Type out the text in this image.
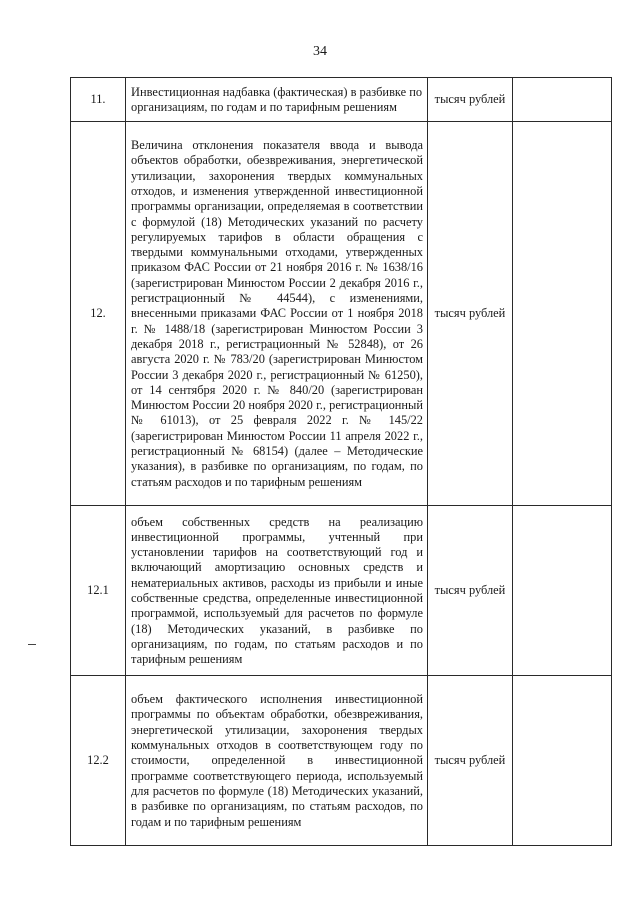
34
11.	Инвестиционная надбавка (фактическая) в разбивке по организациям, по годам и по тарифным решениям	тысяч рублей	
12.	Величина отклонения показателя ввода и вывода объектов обработки, обезвреживания, энергетической утилизации, захоронения твердых коммунальных отходов, и изменения утвержденной инвестиционной программы организации, определяемая в соответствии с формулой (18) Методических указаний по расчету регулируемых тарифов в области обращения с твердыми коммунальными отходами, утвержденных приказом ФАС России от 21 ноября 2016 г. № 1638/16 (зарегистрирован Минюстом России 2 декабря 2016 г., регистрационный № 44544), с изменениями, внесенными приказами ФАС России от 1 ноября 2018 г. № 1488/18 (зарегистрирован Минюстом России 3 декабря 2018 г., регистрационный № 52848), от 26 августа 2020 г. № 783/20 (зарегистрирован Минюстом России 3 декабря 2020 г., регистрационный № 61250), от 14 сентября 2020 г. № 840/20 (зарегистрирован Минюстом России 20 ноября 2020 г., регистрационный № 61013), от 25 февраля 2022 г. № 145/22 (зарегистрирован Минюстом России 11 апреля 2022 г., регистрационный № 68154) (далее – Методические указания), в разбивке по организациям, по годам, по статьям расходов и по тарифным решениям	тысяч рублей	
12.1	объем собственных средств на реализацию инвестиционной программы, учтенный при установлении тарифов на соответствующий год и включающий амортизацию основных средств и нематериальных активов, расходы из прибыли и иные собственные средства, определенные инвестиционной программой, используемый для расчетов по формуле (18) Методических указаний, в разбивке по организациям, по годам, по статьям расходов и по тарифным решениям	тысяч рублей	
12.2	объем фактического исполнения инвестиционной программы по объектам обработки, обезвреживания, энергетической утилизации, захоронения твердых коммунальных отходов в соответствующем году по стоимости, определенной в инвестиционной программе соответствующего периода, используемый для расчетов по формуле (18) Методических указаний, в разбивке по организациям, по статьям расходов, по годам и по тарифным решениям	тысяч рублей	
